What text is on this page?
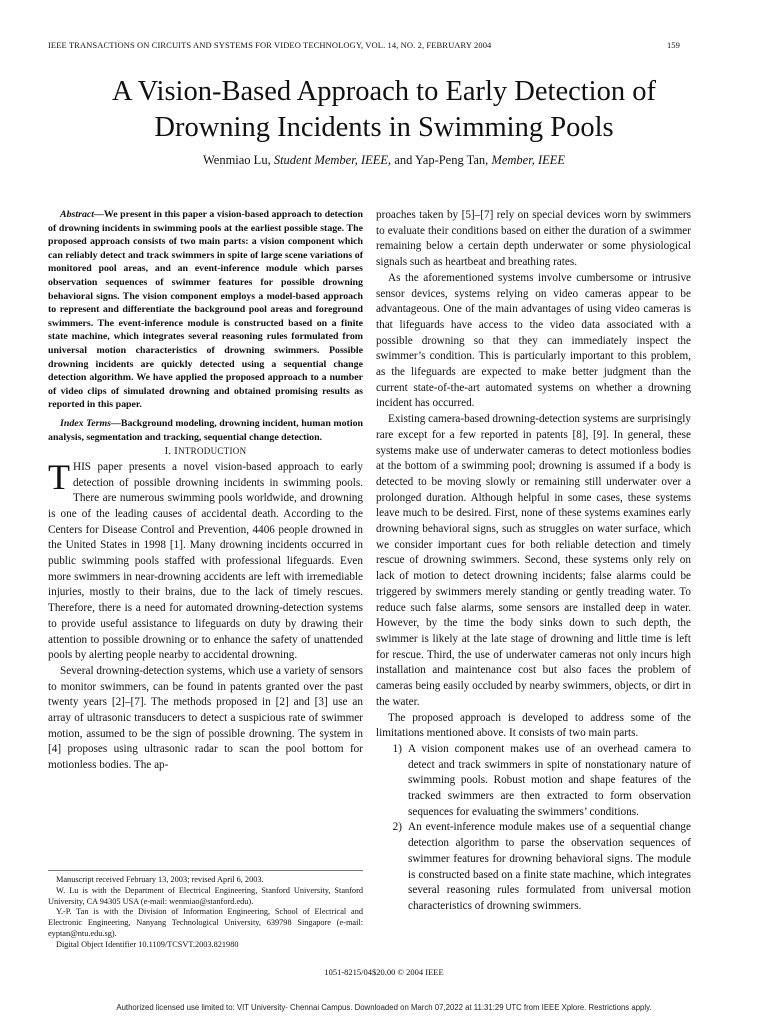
IEEE TRANSACTIONS ON CIRCUITS AND SYSTEMS FOR VIDEO TECHNOLOGY, VOL. 14, NO. 2, FEBRUARY 2004	159
A Vision-Based Approach to Early Detection of
Drowning Incidents in Swimming Pools
Wenmiao Lu, Student Member, IEEE, and Yap-Peng Tan, Member, IEEE

Abstract—We present in this paper a vision-based approach to detection of drowning incidents in swimming pools at the earliest possible stage. The proposed approach consists of two main parts: a vision component which can reliably detect and track swimmers in spite of large scene variations of monitored pool areas, and an event-inference module which parses observation sequences of swimmer features for possible drowning behavioral signs. The vision component employs a model-based approach to represent and differentiate the background pool areas and foreground swimmers. The event-inference module is constructed based on a finite state machine, which integrates several reasoning rules formulated from universal motion characteristics of drowning swimmers. Possible drowning incidents are quickly detected using a sequential change detection algorithm. We have applied the proposed approach to a number of video clips of simulated drowning and obtained promising results as reported in this paper.

Index Terms—Background modeling, drowning incident, human motion analysis, segmentation and tracking, sequential change detection.

I. INTRODUCTION

THIS paper presents a novel vision-based approach to early detection of possible drowning incidents in swimming pools. There are numerous swimming pools worldwide, and drowning is one of the leading causes of accidental death. According to the Centers for Disease Control and Prevention, 4406 people drowned in the United States in 1998 [1]. Many drowning incidents occurred in public swimming pools staffed with professional lifeguards. Even more swimmers in near-drowning accidents are left with irremediable injuries, mostly to their brains, due to the lack of timely rescues. Therefore, there is a need for automated drowning-detection systems to provide useful assistance to lifeguards on duty by drawing their attention to possible drowning or to enhance the safety of unattended pools by alerting people nearby to accidental drowning.

Several drowning-detection systems, which use a variety of sensors to monitor swimmers, can be found in patents granted over the past twenty years [2]–[7]. The methods proposed in [2] and [3] use an array of ultrasonic transducers to detect a suspicious rate of swimmer motion, assumed to be the sign of possible drowning. The system in [4] proposes using ultrasonic radar to scan the pool bottom for motionless bodies. The ap-

Manuscript received February 13, 2003; revised April 6, 2003.

W. Lu is with the Department of Electrical Engineering, Stanford University, Stanford University, CA 94305 USA (e-mail: wenmiao@stanford.edu).

Y.-P. Tan is with the Division of Information Engineering, School of Electrical and Electronic Engineering, Nanyang Technological University, 639798 Singapore (e-mail: eyptan@ntu.edu.sg).

Digital Object Identifier 10.1109/TCSVT.2003.821980

proaches taken by [5]–[7] rely on special devices worn by swimmers to evaluate their conditions based on either the duration of a swimmer remaining below a certain depth underwater or some physiological signals such as heartbeat and breathing rates.

As the aforementioned systems involve cumbersome or intrusive sensor devices, systems relying on video cameras appear to be advantageous. One of the main advantages of using video cameras is that lifeguards have access to the video data associated with a possible drowning so that they can immediately inspect the swimmer’s condition. This is particularly important to this problem, as the lifeguards are expected to make better judgment than the current state-of-the-art automated systems on whether a drowning incident has occurred.

Existing camera-based drowning-detection systems are surprisingly rare except for a few reported in patents [8], [9]. In general, these systems make use of underwater cameras to detect motionless bodies at the bottom of a swimming pool; drowning is assumed if a body is detected to be moving slowly or remaining still underwater over a prolonged duration. Although helpful in some cases, these systems leave much to be desired. First, none of these systems examines early drowning behavioral signs, such as struggles on water surface, which we consider important cues for both reliable detection and timely rescue of drowning swimmers. Second, these systems only rely on lack of motion to detect drowning incidents; false alarms could be triggered by swimmers merely standing or gently treading water. To reduce such false alarms, some sensors are installed deep in water. However, by the time the body sinks down to such depth, the swimmer is likely at the late stage of drowning and little time is left for rescue. Third, the use of underwater cameras not only incurs high installation and maintenance cost but also faces the problem of cameras being easily occluded by nearby swimmers, objects, or dirt in the water.

The proposed approach is developed to address some of the limitations mentioned above. It consists of two main parts.

1) A vision component makes use of an overhead camera to detect and track swimmers in spite of nonstationary nature of swimming pools. Robust motion and shape features of the tracked swimmers are then extracted to form observation sequences for evaluating the swimmers’ conditions.
2) An event-inference module makes use of a sequential change detection algorithm to parse the observation sequences of swimmer features for drowning behavioral signs. The module is constructed based on a finite state machine, which integrates several reasoning rules formulated from universal motion characteristics of drowning swimmers.
1051-8215/04$20.00 © 2004 IEEE
Authorized licensed use limited to: VIT University- Chennai Campus. Downloaded on March 07,2022 at 11:31:29 UTC from IEEE Xplore. Restrictions apply.
